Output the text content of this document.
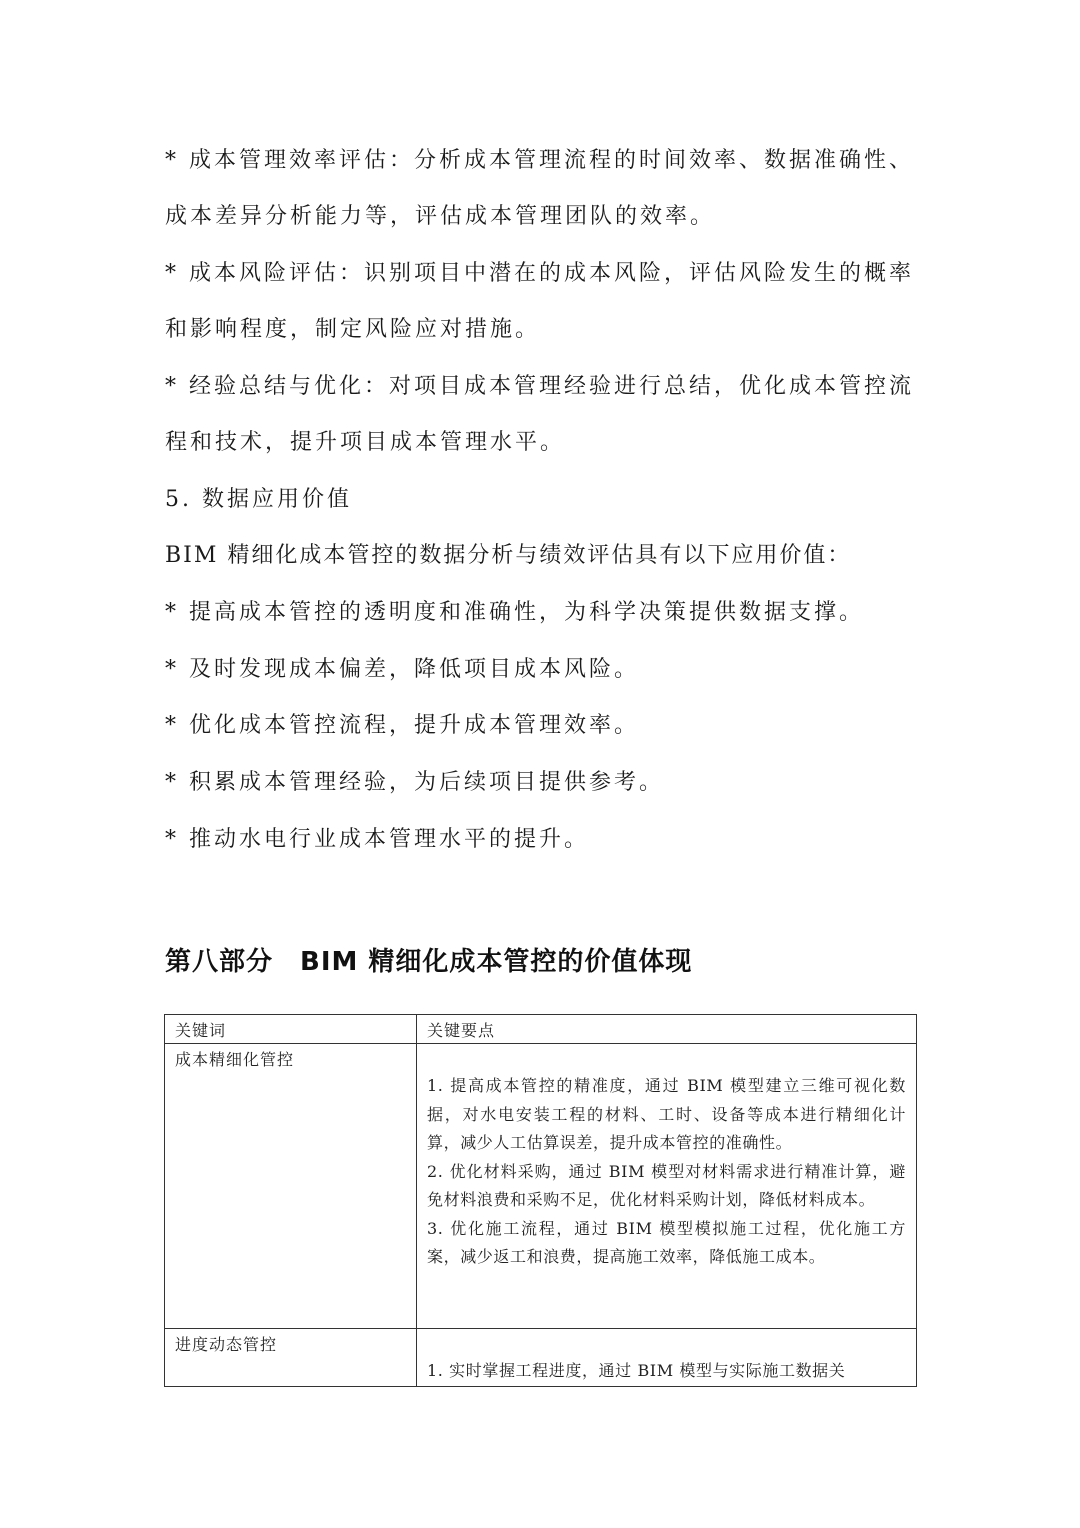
* 成本管理效率评估：分析成本管理流程的时间效率、数据准确性、
成本差异分析能力等，评估成本管理团队的效率。
* 成本风险评估：识别项目中潜在的成本风险，评估风险发生的概率
和影响程度，制定风险应对措施。
* 经验总结与优化：对项目成本管理经验进行总结，优化成本管控流
程和技术，提升项目成本管理水平。
5. 数据应用价值
BIM 精细化成本管控的数据分析与绩效评估具有以下应用价值：
* 提高成本管控的透明度和准确性，为科学决策提供数据支撑。
* 及时发现成本偏差，降低项目成本风险。
* 优化成本管控流程，提升成本管理效率。
* 积累成本管理经验，为后续项目提供参考。
* 推动水电行业成本管理水平的提升。
第八部分　BIM 精细化成本管控的价值体现
关键词	关键要点

成本精细化管控	1. 提高成本管控的精准度，通过 BIM 模型建立三维可视化数据，对水电安装工程的材料、工时、设备等成本进行精细化计算，减少人工估算误差，提升成本管控的准确性。
2. 优化材料采购，通过 BIM 模型对材料需求进行精准计算，避免材料浪费和采购不足，优化材料采购计划，降低材料成本。
3. 优化施工流程，通过 BIM 模型模拟施工过程，优化施工方案，减少返工和浪费，提高施工效率，降低施工成本。

进度动态管控	1. 实时掌握工程进度，通过 BIM 模型与实际施工数据关
